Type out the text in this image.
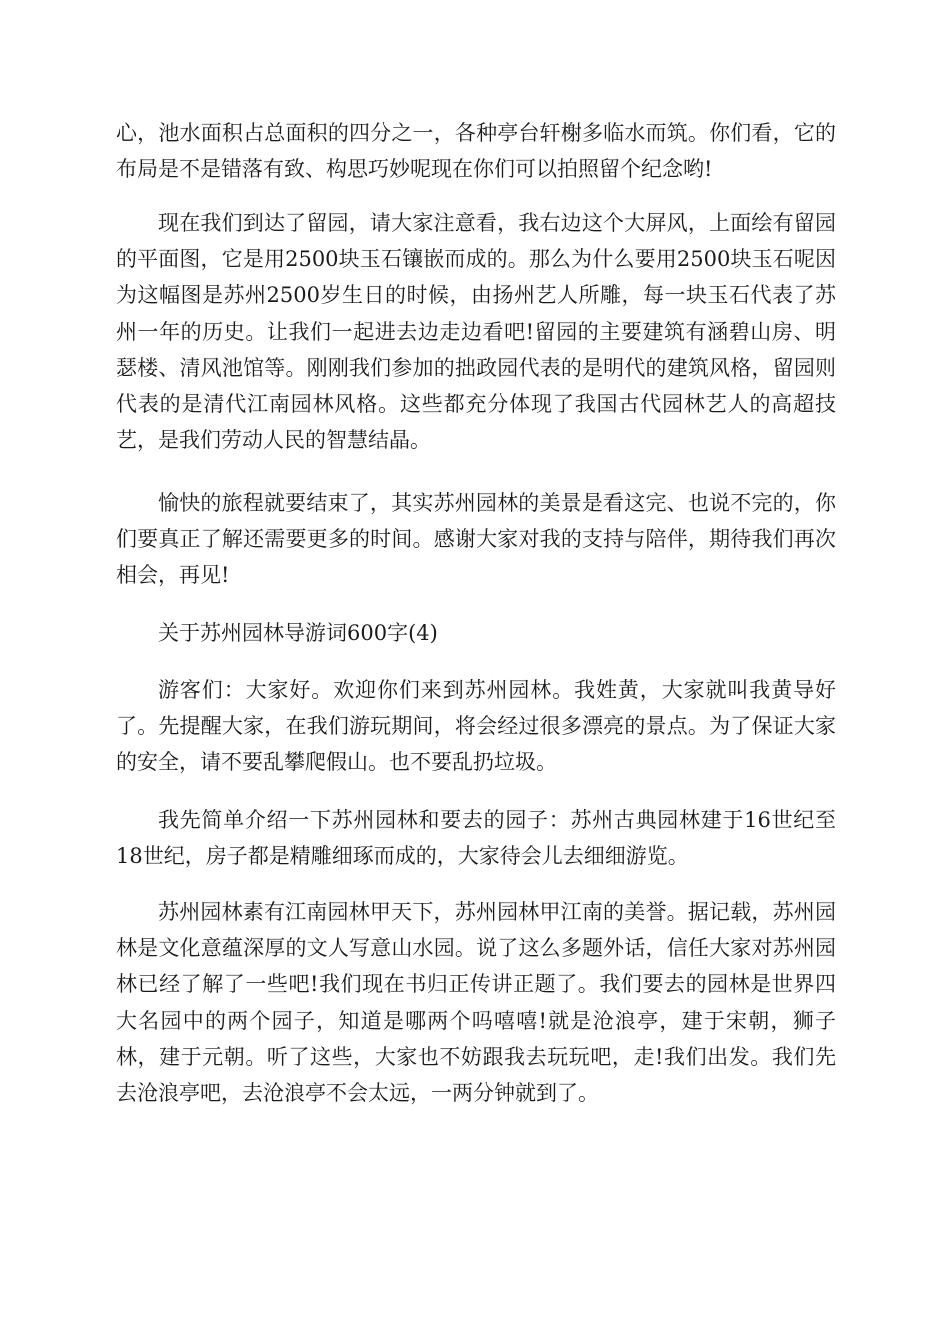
心，池水面积占总面积的四分之一，各种亭台轩榭多临水而筑。你们看，它的布局是不是错落有致、构思巧妙呢现在你们可以拍照留个纪念哟!

现在我们到达了留园，请大家注意看，我右边这个大屏风，上面绘有留园的平面图，它是用2500块玉石镶嵌而成的。那么为什么要用2500块玉石呢因为这幅图是苏州2500岁生日的时候，由扬州艺人所雕，每一块玉石代表了苏州一年的历史。让我们一起进去边走边看吧!留园的主要建筑有涵碧山房、明瑟楼、清风池馆等。刚刚我们参加的拙政园代表的是明代的建筑风格，留园则代表的是清代江南园林风格。这些都充分体现了我国古代园林艺人的高超技艺，是我们劳动人民的智慧结晶。

愉快的旅程就要结束了，其实苏州园林的美景是看这完、也说不完的，你们要真正了解还需要更多的时间。感谢大家对我的支持与陪伴，期待我们再次相会，再见!

关于苏州园林导游词600字(4)

游客们：大家好。欢迎你们来到苏州园林。我姓黄，大家就叫我黄导好了。先提醒大家，在我们游玩期间，将会经过很多漂亮的景点。为了保证大家的安全，请不要乱攀爬假山。也不要乱扔垃圾。

我先简单介绍一下苏州园林和要去的园子：苏州古典园林建于16世纪至18世纪，房子都是精雕细琢而成的，大家待会儿去细细游览。

苏州园林素有江南园林甲天下，苏州园林甲江南的美誉。据记载，苏州园林是文化意蕴深厚的文人写意山水园。说了这么多题外话，信任大家对苏州园林已经了解了一些吧!我们现在书归正传讲正题了。我们要去的园林是世界四大名园中的两个园子，知道是哪两个吗嘻嘻!就是沧浪亭，建于宋朝，狮子林，建于元朝。听了这些，大家也不妨跟我去玩玩吧，走!我们出发。我们先去沧浪亭吧，去沧浪亭不会太远，一两分钟就到了。
